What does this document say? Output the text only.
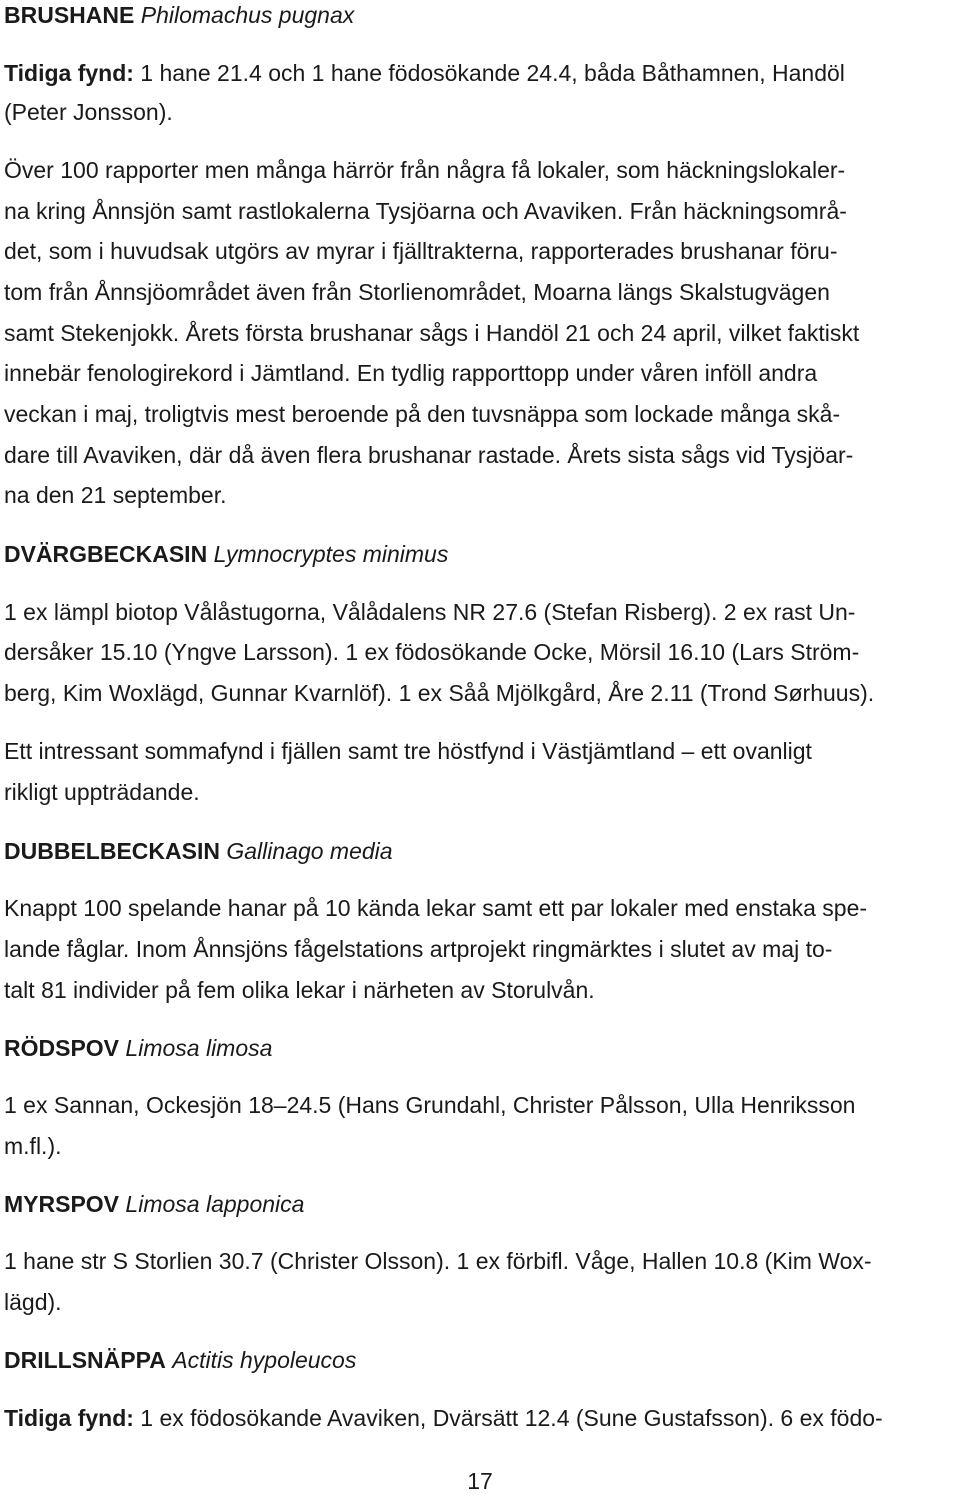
BRUSHANE Philomachus pugnax
Tidiga fynd: 1 hane 21.4 och 1 hane födosökande 24.4, båda Båthamnen, Handöl
(Peter Jonsson).
Över 100 rapporter men många härrör från några få lokaler, som häckningslokaler-
na kring Ånnsjön samt rastlokalerna Tysjöarna och Avaviken. Från häckningsområ-
det, som i huvudsak utgörs av myrar i fjälltrakterna, rapporterades brushanar föru-
tom från Ånnsjöområdet även från Storlienområdet, Moarna längs Skalstugvägen
samt Stekenjokk. Årets första brushanar sågs i Handöl 21 och 24 april, vilket faktiskt
innebär fenologirekord i Jämtland. En tydlig rapporttopp under våren inföll andra
veckan i maj, troligtvis mest beroende på den tuvsnäppa som lockade många skå-
dare till Avaviken, där då även flera brushanar rastade. Årets sista sågs vid Tysjöar-
na den 21 september.
DVÄRGBECKASIN Lymnocryptes minimus
1 ex lämpl biotop Vålåstugorna, Vålådalens NR 27.6 (Stefan Risberg). 2 ex rast Un-
dersåker 15.10 (Yngve Larsson). 1 ex födosökande Ocke, Mörsil 16.10 (Lars Ström-
berg, Kim Woxlägd, Gunnar Kvarnlöf). 1 ex Såå Mjölkgård, Åre 2.11 (Trond Sørhuus).
Ett intressant sommafynd i fjällen samt tre höstfynd i Västjämtland – ett ovanligt
rikligt uppträdande.
DUBBELBECKASIN Gallinago media
Knappt 100 spelande hanar på 10 kända lekar samt ett par lokaler med enstaka spe-
lande fåglar. Inom Ånnsjöns fågelstations artprojekt ringmärktes i slutet av maj to-
talt 81 individer på fem olika lekar i närheten av Storulvån.
RÖDSPOV Limosa limosa
1 ex Sannan, Ockesjön 18–24.5 (Hans Grundahl, Christer Pålsson, Ulla Henriksson
m.fl.).
MYRSPOV Limosa lapponica
1 hane str S Storlien 30.7 (Christer Olsson). 1 ex förbifl. Våge, Hallen 10.8 (Kim Wox-
lägd).
DRILLSNÄPPA Actitis hypoleucos
Tidiga fynd: 1 ex födosökande Avaviken, Dvärsätt 12.4 (Sune Gustafsson). 6 ex födo-
17
